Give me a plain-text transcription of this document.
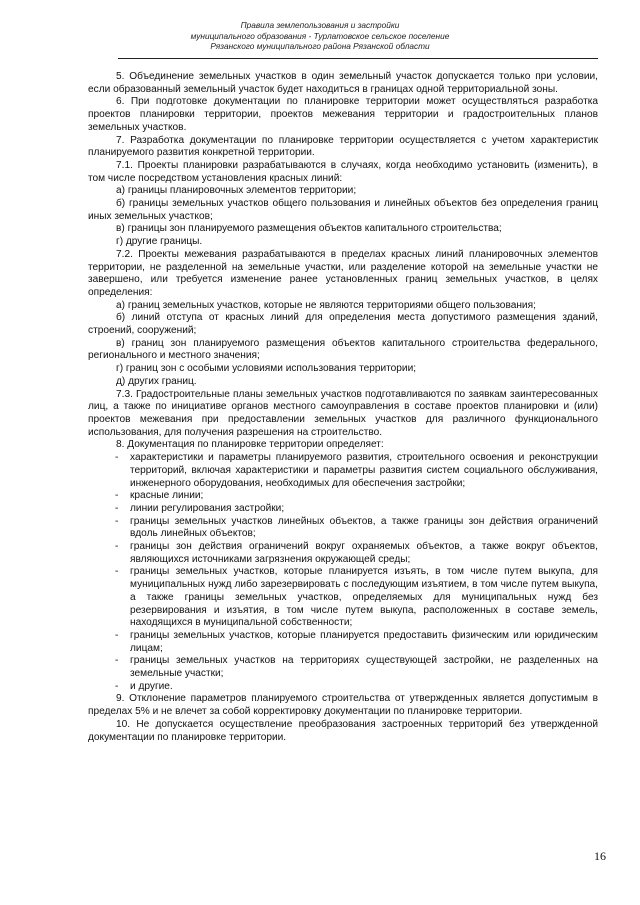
Правила землепользования и застройки
муниципального образования - Турлатовское сельское поселение
Рязанского муниципального района Рязанской области

5. Объединение земельных участков в один земельный участок допускается только при условии, если образованный земельный участок будет находиться в границах одной территориальной зоны.

6. При подготовке документации по планировке территории может осуществляться разработка проектов планировки территории, проектов межевания территории и градостроительных планов земельных участков.

7. Разработка документации по планировке территории осуществляется с учетом характеристик планируемого развития конкретной территории.

7.1. Проекты планировки разрабатываются в случаях, когда необходимо установить (изменить), в том числе посредством установления красных линий:

а) границы планировочных элементов территории;

б) границы земельных участков общего пользования и линейных объектов без определения границ иных земельных участков;

в) границы зон планируемого размещения объектов капитального строительства;

г) другие границы.

7.2. Проекты межевания разрабатываются в пределах красных линий планировочных элементов территории, не разделенной на земельные участки, или разделение которой на земельные участки не завершено, или требуется изменение ранее установленных границ земельных участков, в целях определения:

а) границ земельных участков, которые не являются территориями общего пользования;

б) линий отступа от красных линий для определения места допустимого размещения зданий, строений, сооружений;

в) границ зон планируемого размещения объектов капитального строительства федерального, регионального и местного значения;

г) границ зон с особыми условиями использования территории;

д) других границ.

7.3. Градостроительные планы земельных участков подготавливаются по заявкам заинтересованных лиц, а также по инициативе органов местного самоуправления в составе проектов планировки и (или) проектов межевания при предоставлении земельных участков для различного функционального использования, для получения разрешения на строительство.

8. Документация по планировке территории определяет:

- характеристики и параметры планируемого развития, строительного освоения и реконструкции территорий, включая характеристики и параметры развития систем социального обслуживания, инженерного оборудования, необходимых для обеспечения застройки;
- красные линии;
- линии регулирования застройки;
- границы земельных участков линейных объектов, а также границы зон действия ограничений вдоль линейных объектов;
- границы зон действия ограничений вокруг охраняемых объектов, а также вокруг объектов, являющихся источниками загрязнения окружающей среды;
- границы земельных участков, которые планируется изъять, в том числе путем выкупа, для муниципальных нужд либо зарезервировать с последующим изъятием, в том числе путем выкупа, а также границы земельных участков, определяемых для муниципальных нужд без резервирования и изъятия, в том числе путем выкупа, расположенных в составе земель, находящихся в муниципальной собственности;
- границы земельных участков, которые планируется предоставить физическим или юридическим лицам;
- границы земельных участков на территориях существующей застройки, не разделенных на земельные участки;
- и другие.

9. Отклонение параметров планируемого строительства от утвержденных является допустимым в пределах 5% и не влечет за собой корректировку документации по планировке территории.

10. Не допускается осуществление преобразования застроенных территорий без утвержденной документации по планировке территории.

16
